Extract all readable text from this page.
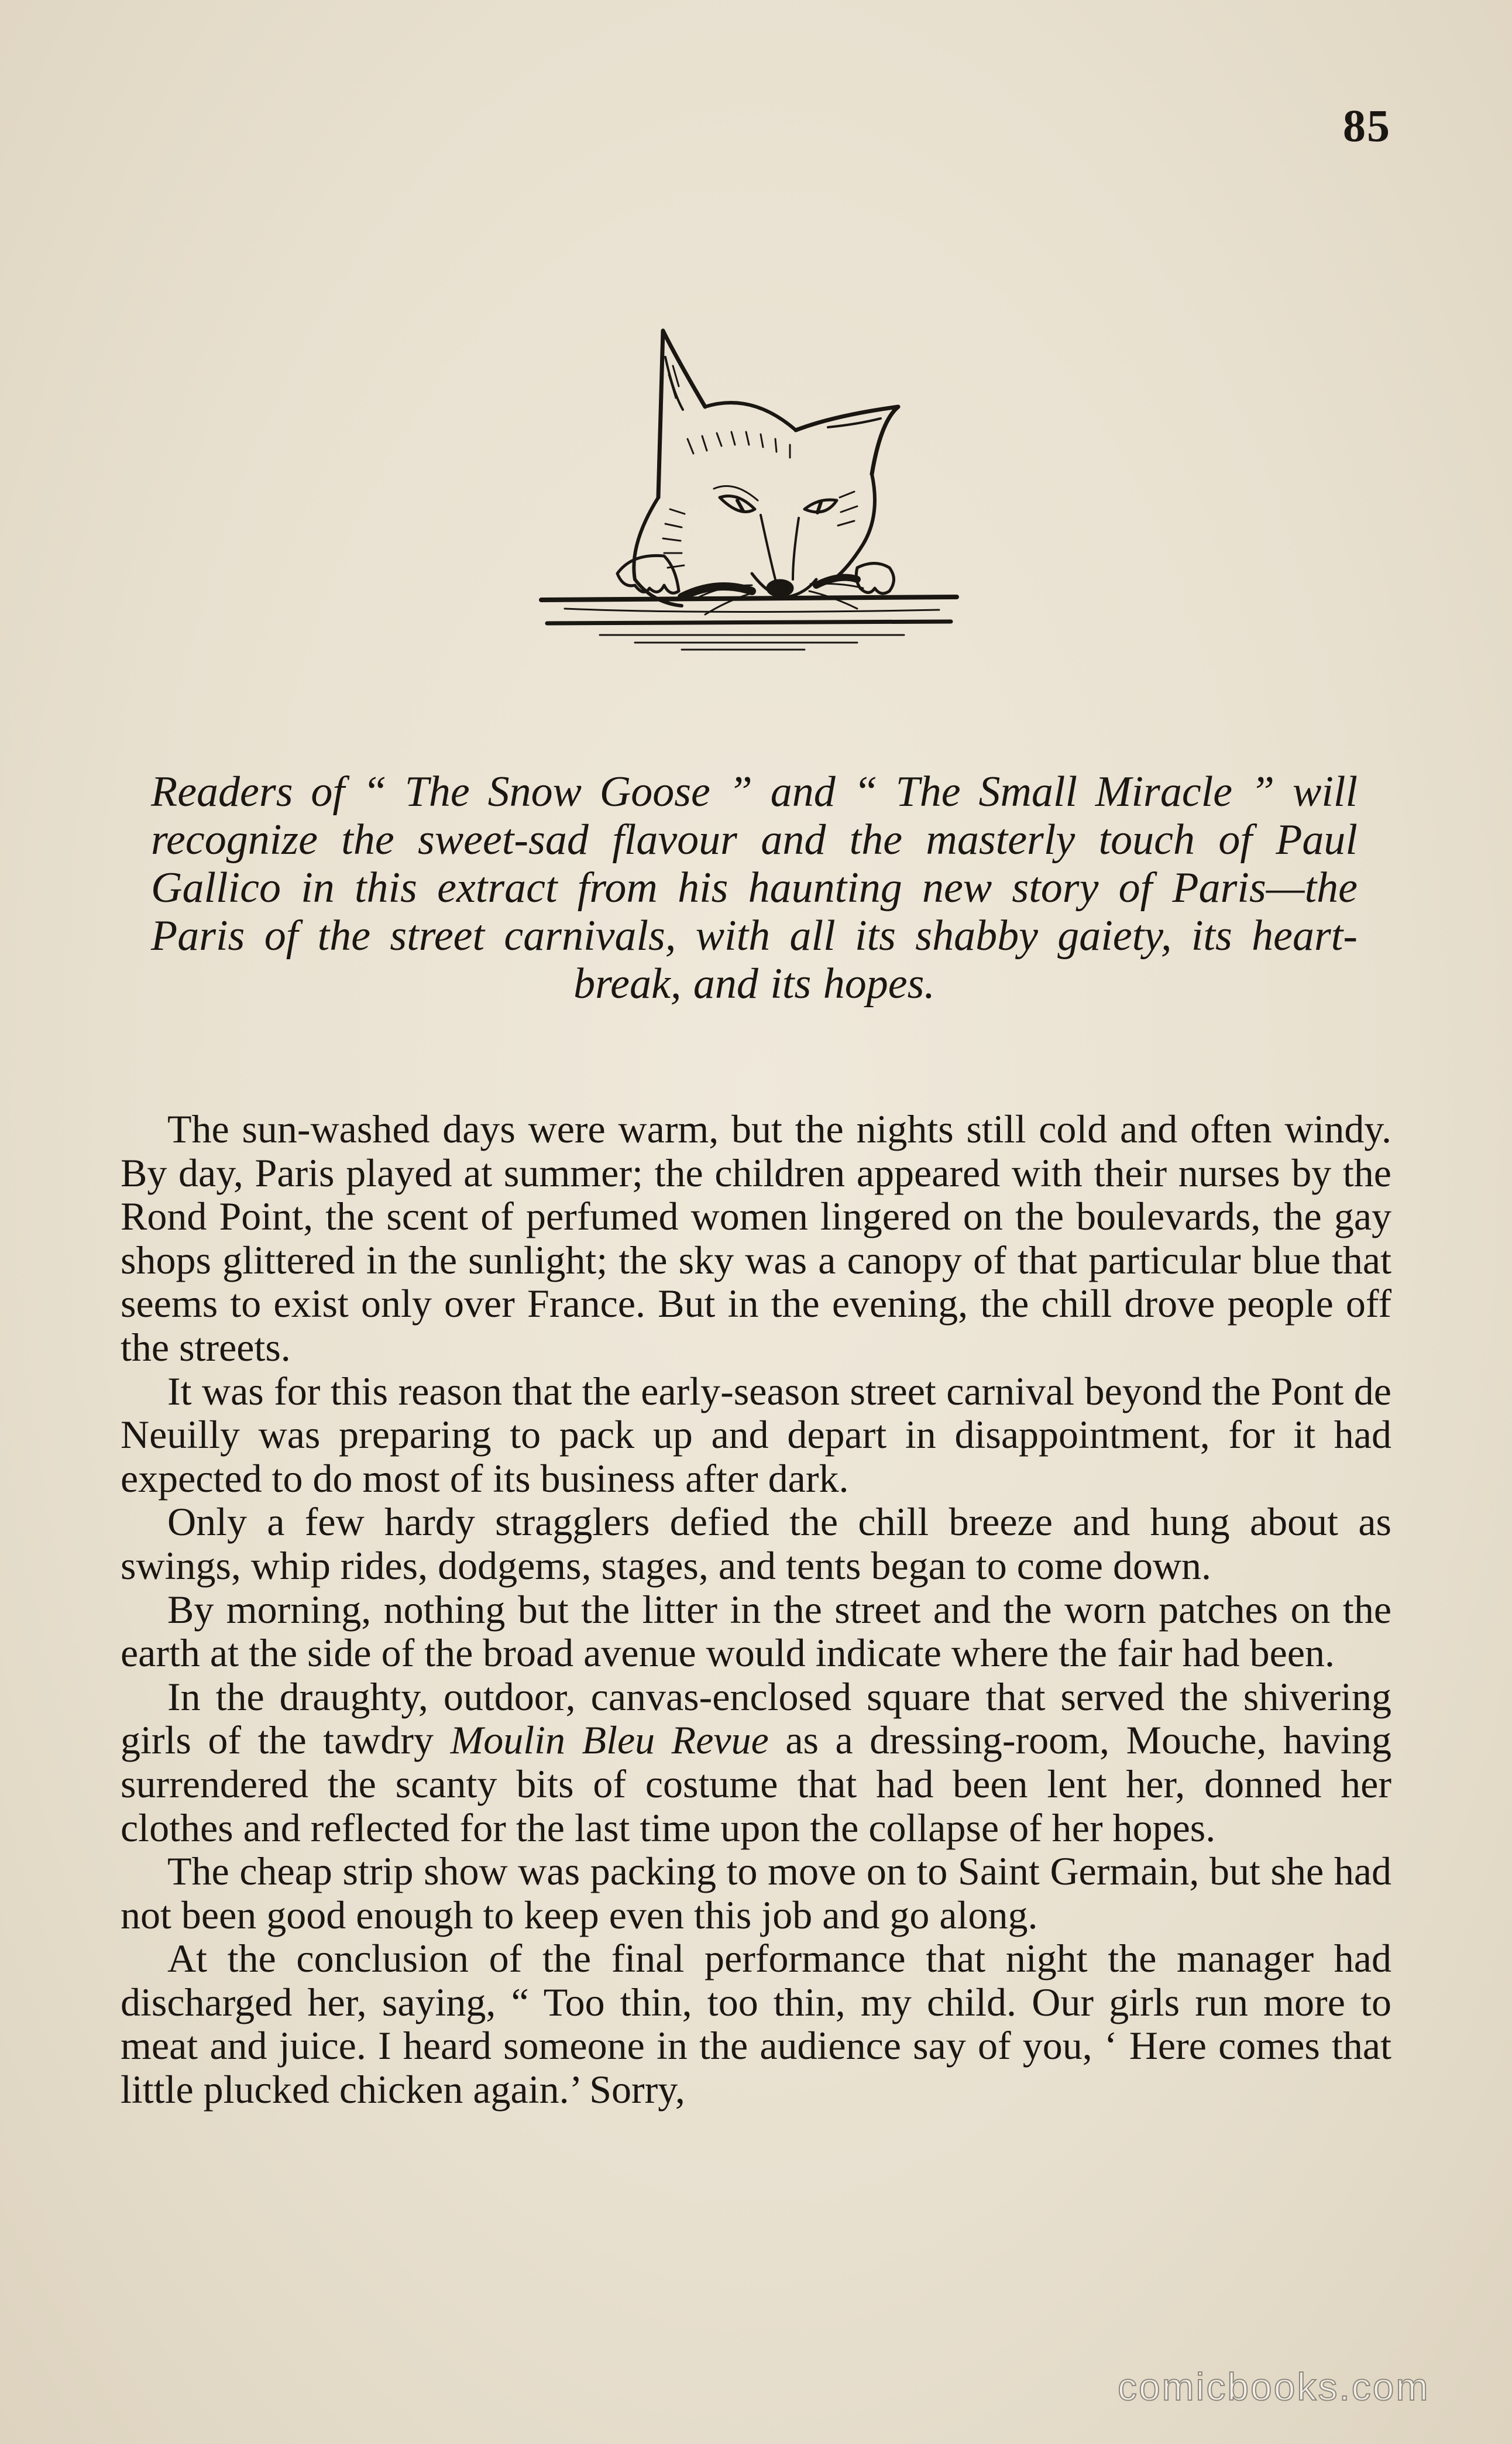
85
Readers of “ The Snow Goose ” and “ The Small Miracle ” will recognize the sweet-sad flavour and the masterly touch of Paul Gallico in this extract from his haunting new story of Paris—the Paris of the street carnivals, with all its shabby gaiety, its heart-break, and its hopes.

The sun-washed days were warm, but the nights still cold and often windy. By day, Paris played at summer; the children appeared with their nurses by the Rond Point, the scent of perfumed women lingered on the boulevards, the gay shops glittered in the sunlight; the sky was a canopy of that particular blue that seems to exist only over France. But in the evening, the chill drove people off the streets.

It was for this reason that the early-season street carnival beyond the Pont de Neuilly was preparing to pack up and depart in disappointment, for it had expected to do most of its business after dark.

Only a few hardy stragglers defied the chill breeze and hung about as swings, whip rides, dodgems, stages, and tents began to come down.

By morning, nothing but the litter in the street and the worn patches on the earth at the side of the broad avenue would indicate where the fair had been.

In the draughty, outdoor, canvas-enclosed square that served the shivering girls of the tawdry Moulin Bleu Revue as a dressing-room, Mouche, having surrendered the scanty bits of costume that had been lent her, donned her clothes and reflected for the last time upon the collapse of her hopes.

The cheap strip show was packing to move on to Saint Germain, but she had not been good enough to keep even this job and go along.

At the conclusion of the final performance that night the manager had discharged her, saying, “ Too thin, too thin, my child. Our girls run more to meat and juice. I heard someone in the audience say of you, ‘ Here comes that little plucked chicken again.’ Sorry,

comicbooks.com
